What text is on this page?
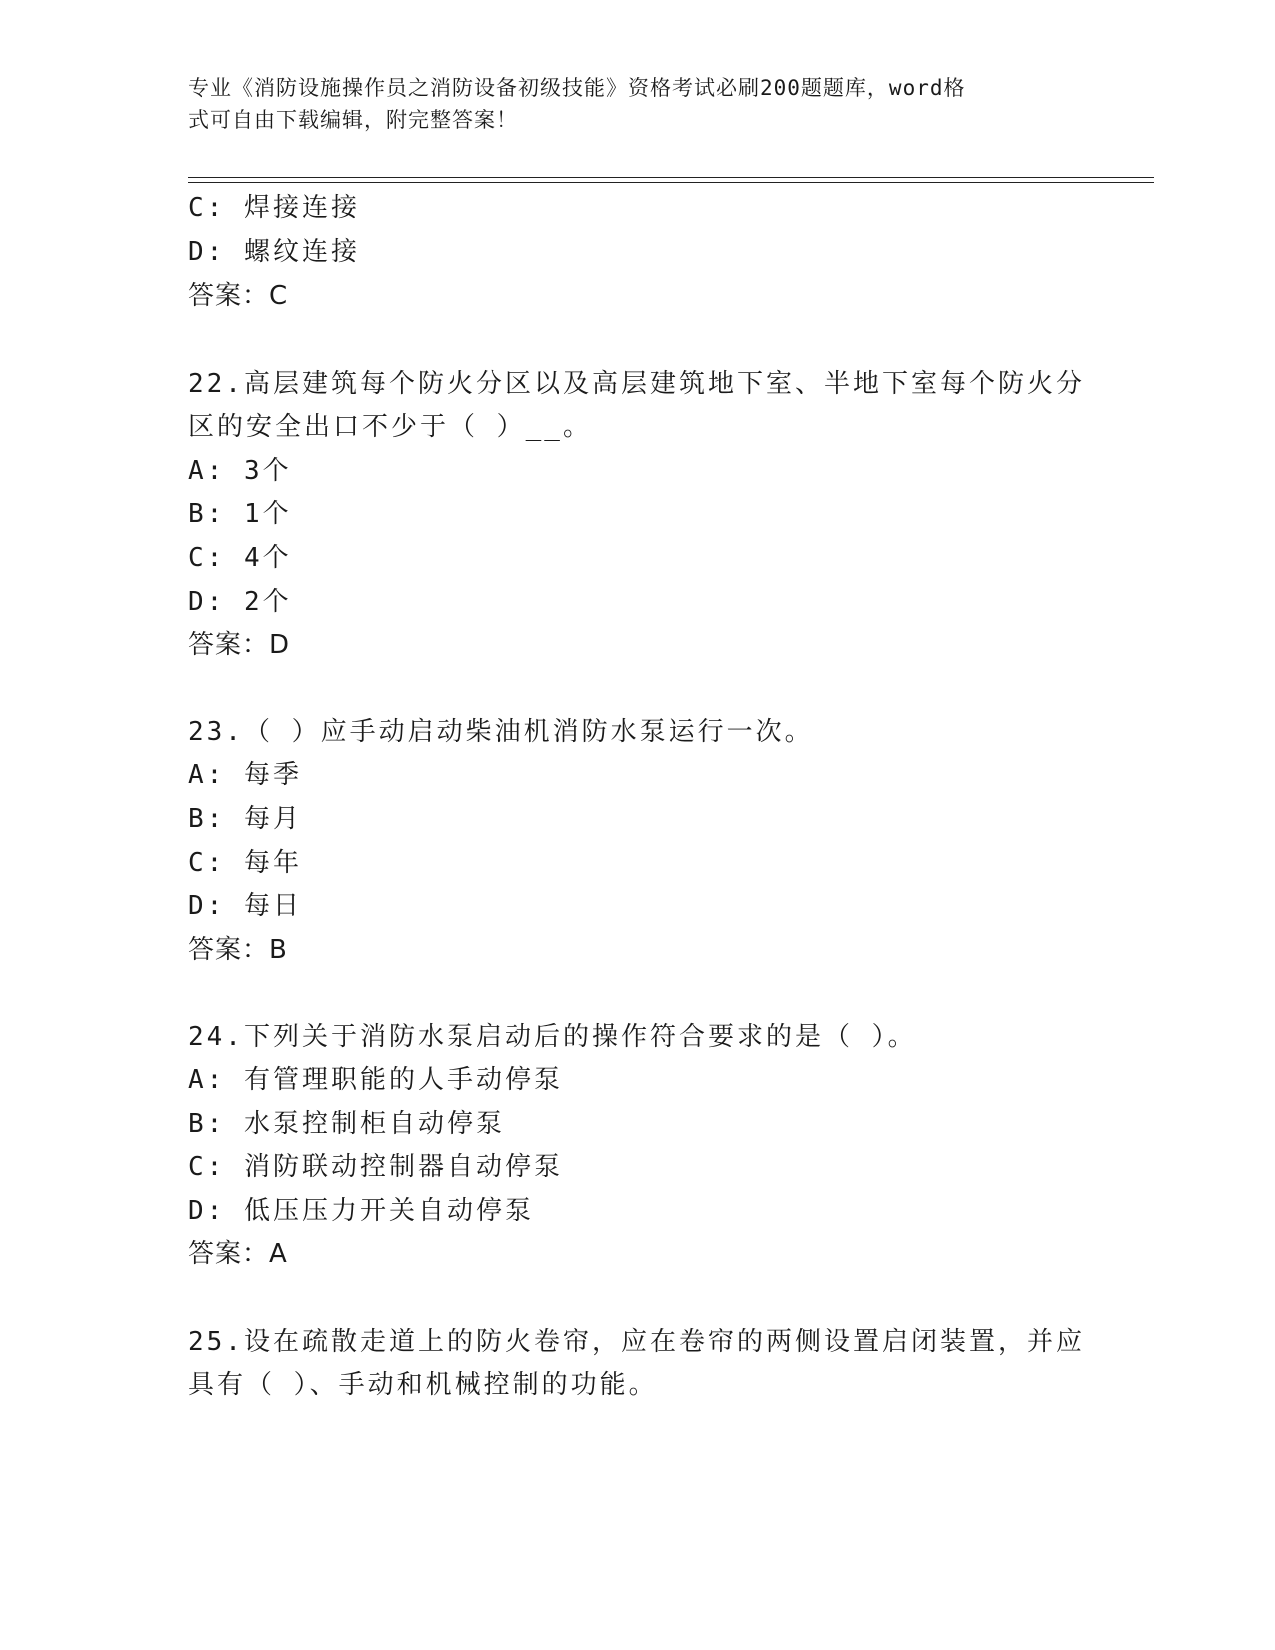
专业《消防设施操作员之消防设备初级技能》资格考试必刷200题题库，word格
式可自由下载编辑，附完整答案！
C: 焊接连接
D: 螺纹连接
答案：C
22.高层建筑每个防火分区以及高层建筑地下室、半地下室每个防火分
区的安全出口不少于（ ）__。
A: 3个
B: 1个
C: 4个
D: 2个
答案：D
23.（ ）应手动启动柴油机消防水泵运行一次。
A: 每季
B: 每月
C: 每年
D: 每日
答案：B
24.下列关于消防水泵启动后的操作符合要求的是（ ）。
A: 有管理职能的人手动停泵
B: 水泵控制柜自动停泵
C: 消防联动控制器自动停泵
D: 低压压力开关自动停泵
答案：A
25.设在疏散走道上的防火卷帘，应在卷帘的两侧设置启闭装置，并应
具有（ ）、手动和机械控制的功能。
